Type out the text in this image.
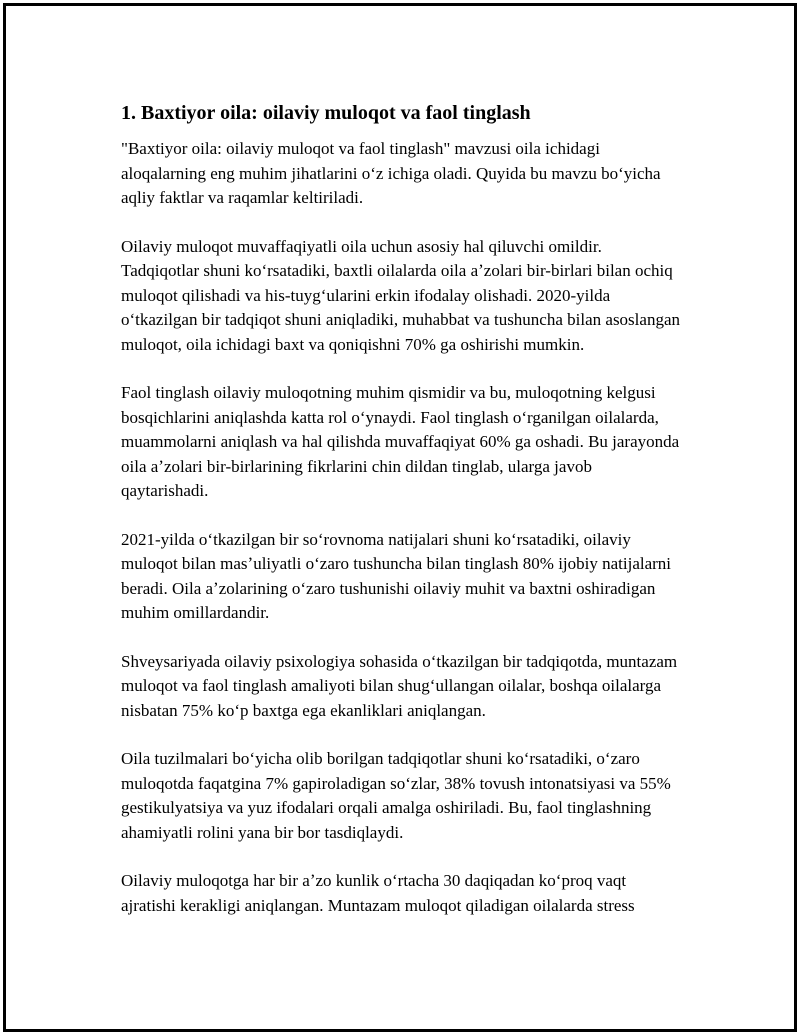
1. Baxtiyor oila: oilaviy muloqot va faol tinglash

"Baxtiyor oila: oilaviy muloqot va faol tinglash" mavzusi oila ichidagi aloqalarning eng muhim jihatlarini oʻz ichiga oladi. Quyida bu mavzu boʻyicha aqliy faktlar va raqamlar keltiriladi.

Oilaviy muloqot muvaffaqiyatli oila uchun asosiy hal qiluvchi omildir. Tadqiqotlar shuni koʻrsatadiki, baxtli oilalarda oila aʼzolari bir-birlari bilan ochiq muloqot qilishadi va his-tuygʻularini erkin ifodalay olishadi. 2020-yilda oʻtkazilgan bir tadqiqot shuni aniqladiki, muhabbat va tushuncha bilan asoslangan muloqot, oila ichidagi baxt va qoniqishni 70% ga oshirishi mumkin.

Faol tinglash oilaviy muloqotning muhim qismidir va bu, muloqotning kelgusi bosqichlarini aniqlashda katta rol oʻynaydi. Faol tinglash oʻrganilgan oilalarda, muammolarni aniqlash va hal qilishda muvaffaqiyat 60% ga oshadi. Bu jarayonda oila aʼzolari bir-birlarining fikrlarini chin dildan tinglab, ularga javob qaytarishadi.

2021-yilda oʻtkazilgan bir soʻrovnoma natijalari shuni koʻrsatadiki, oilaviy muloqot bilan masʼuliyatli oʻzaro tushuncha bilan tinglash 80% ijobiy natijalarni beradi. Oila aʼzolarining oʻzaro tushunishi oilaviy muhit va baxtni oshiradigan muhim omillardandir.

Shveysariyada oilaviy psixologiya sohasida oʻtkazilgan bir tadqiqotda, muntazam muloqot va faol tinglash amaliyoti bilan shugʻullangan oilalar, boshqa oilalarga nisbatan 75% koʻp baxtga ega ekanliklari aniqlangan.

Oila tuzilmalari boʻyicha olib borilgan tadqiqotlar shuni koʻrsatadiki, oʻzaro muloqotda faqatgina 7% gapiroladigan soʻzlar, 38% tovush intonatsiyasi va 55% gestikulyatsiya va yuz ifodalari orqali amalga oshiriladi. Bu, faol tinglashning ahamiyatli rolini yana bir bor tasdiqlaydi.

Oilaviy muloqotga har bir aʼzo kunlik oʻrtacha 30 daqiqadan koʻproq vaqt ajratishi kerakligi aniqlangan. Muntazam muloqot qiladigan oilalarda stress
